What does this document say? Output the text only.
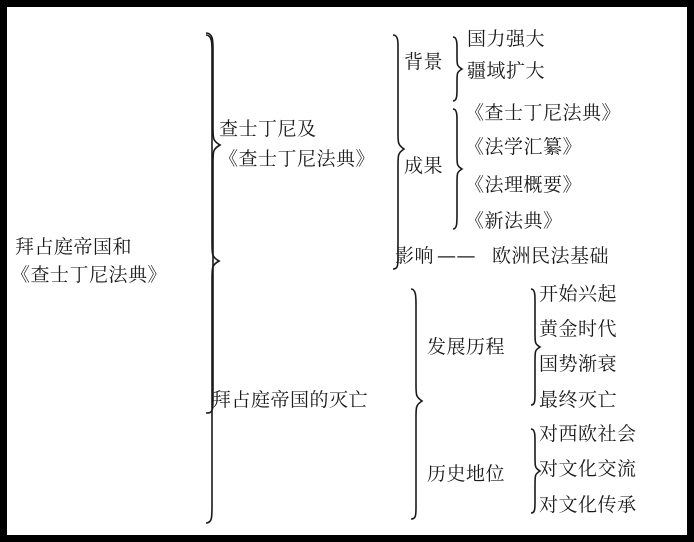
拜占庭帝国和
《查士丁尼法典》
查士丁尼及
《查士丁尼法典》
背景
成果
影响 —— 欧洲民法基础
国力强大
疆域扩大
《查士丁尼法典》
《法学汇纂》
《法理概要》
《新法典》
拜占庭帝国的灭亡
发展历程
历史地位
开始兴起
黄金时代
国势渐衰
最终灭亡
对西欧社会
对文化交流
对文化传承
